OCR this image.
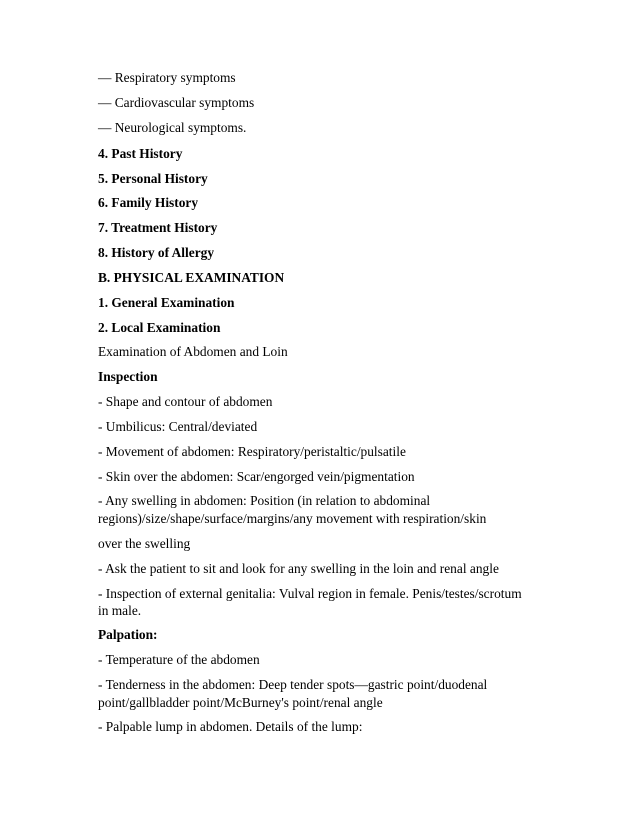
— Respiratory symptoms
— Cardiovascular symptoms
— Neurological symptoms.
4. Past History
5. Personal History
6. Family History
7. Treatment History
8. History of Allergy
B. PHYSICAL EXAMINATION
1. General Examination
2. Local Examination
Examination of Abdomen and Loin
Inspection
- Shape and contour of abdomen
- Umbilicus: Central/deviated
- Movement of abdomen: Respiratory/peristaltic/pulsatile
- Skin over the abdomen: Scar/engorged vein/pigmentation
- Any swelling in abdomen: Position (in relation to abdominal
regions)/size/shape/surface/margins/any movement with respiration/skin
over the swelling
- Ask the patient to sit and look for any swelling in the loin and renal angle
- Inspection of external genitalia: Vulval region in female. Penis/testes/scrotum
in male.
Palpation:
- Temperature of the abdomen
- Tenderness in the abdomen: Deep tender spots—gastric point/duodenal
point/gallbladder point/McBurney's point/renal angle
- Palpable lump in abdomen. Details of the lump:
